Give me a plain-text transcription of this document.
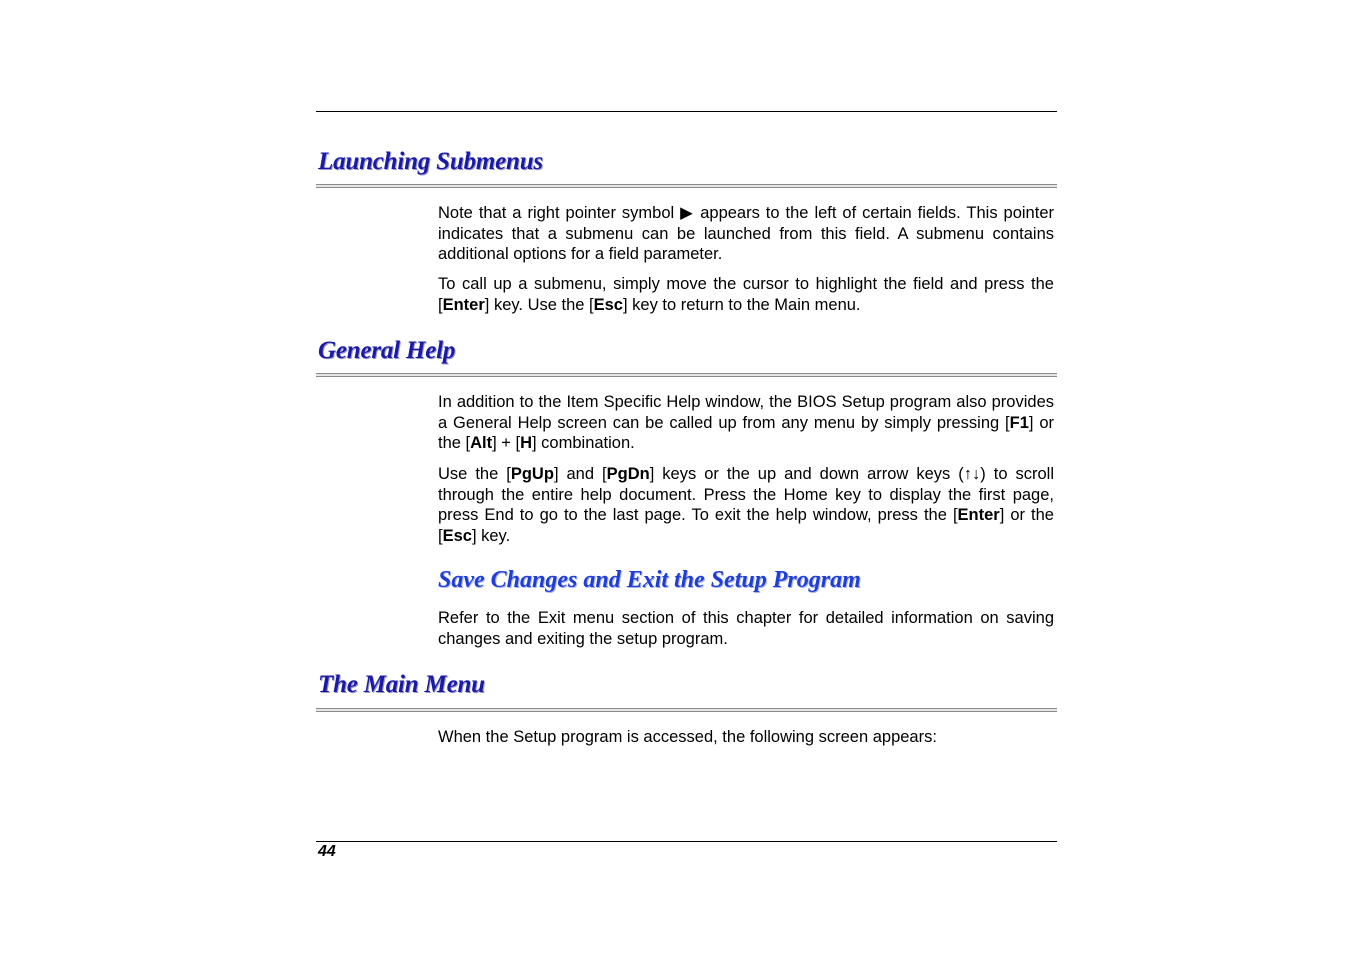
Launching Submenus

Note that a right pointer symbol ▶ appears to the left of certain fields. This pointer indicates that a submenu can be launched from this field. A submenu contains additional options for a field parameter.

To call up a submenu, simply move the cursor to highlight the field and press the [Enter] key. Use the [Esc] key to return to the Main menu.

General Help

In addition to the Item Specific Help window, the BIOS Setup program also provides a General Help screen can be called up from any menu by simply pressing [F1] or the [Alt] + [H] combination.

Use the [PgUp] and [PgDn] keys or the up and down arrow keys (↑↓) to scroll through the entire help document. Press the Home key to display the first page, press End to go to the last page. To exit the help window, press the [Enter] or the [Esc] key.

Save Changes and Exit the Setup Program

Refer to the Exit menu section of this chapter for detailed information on saving changes and exiting the setup program.

The Main Menu

When the Setup program is accessed, the following screen appears:

44
